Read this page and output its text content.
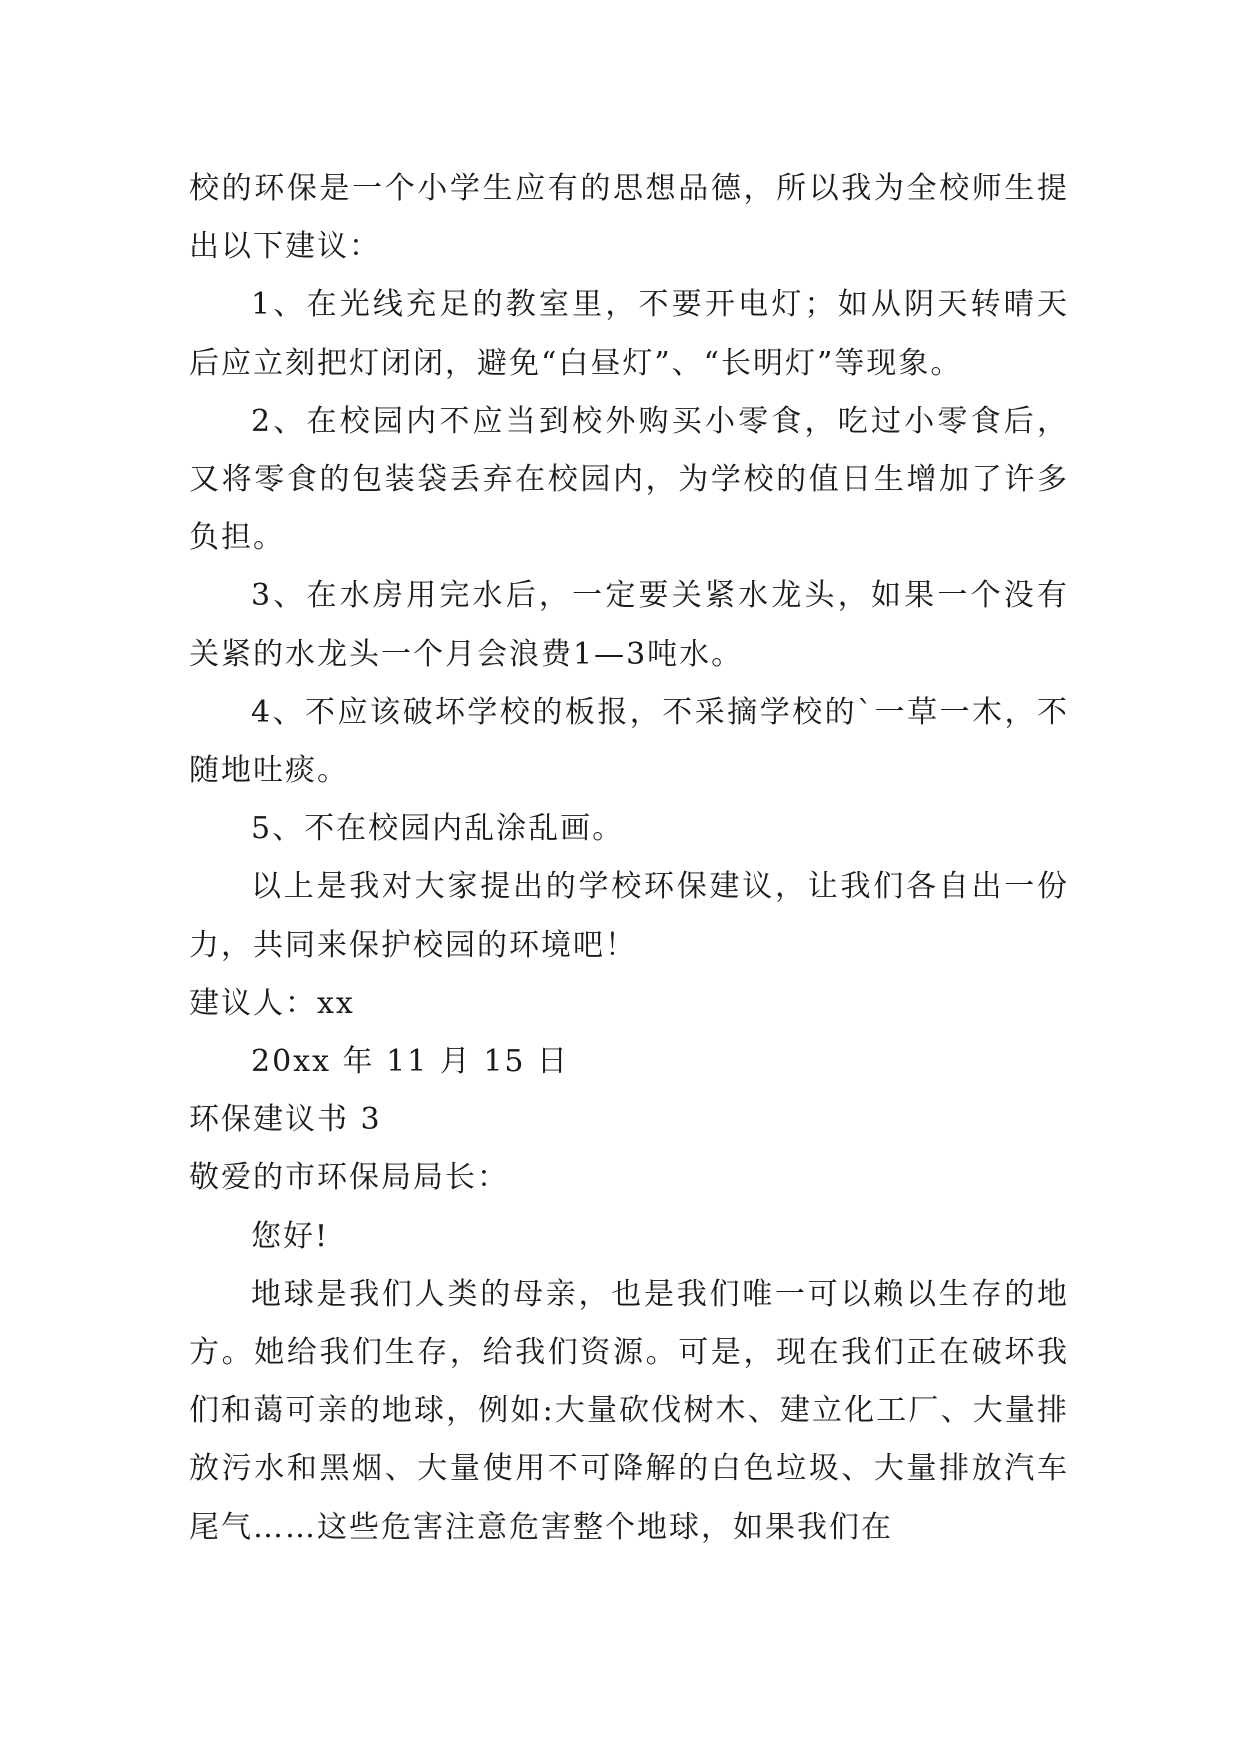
校的环保是一个小学生应有的思想品德，所以我为全校师生提出以下建议：

1、在光线充足的教室里，不要开电灯；如从阴天转晴天后应立刻把灯闭闭，避免“白昼灯”、“长明灯”等现象。

2、在校园内不应当到校外购买小零食，吃过小零食后，又将零食的包装袋丢弃在校园内，为学校的值日生增加了许多负担。

3、在水房用完水后，一定要关紧水龙头，如果一个没有关紧的水龙头一个月会浪费1—3吨水。

4、不应该破坏学校的板报，不采摘学校的`一草一木，不随地吐痰。

5、不在校园内乱涂乱画。

以上是我对大家提出的学校环保建议，让我们各自出一份力，共同来保护校园的环境吧！

建议人：xx

20xx 年 11 月 15 日

环保建议书 3

敬爱的市环保局局长：

您好!

地球是我们人类的母亲，也是我们唯一可以赖以生存的地方。她给我们生存，给我们资源。可是，现在我们正在破坏我们和蔼可亲的地球，例如:大量砍伐树木、建立化工厂、大量排放污水和黑烟、大量使用不可降解的白色垃圾、大量排放汽车尾气……这些危害注意危害整个地球，如果我们在
